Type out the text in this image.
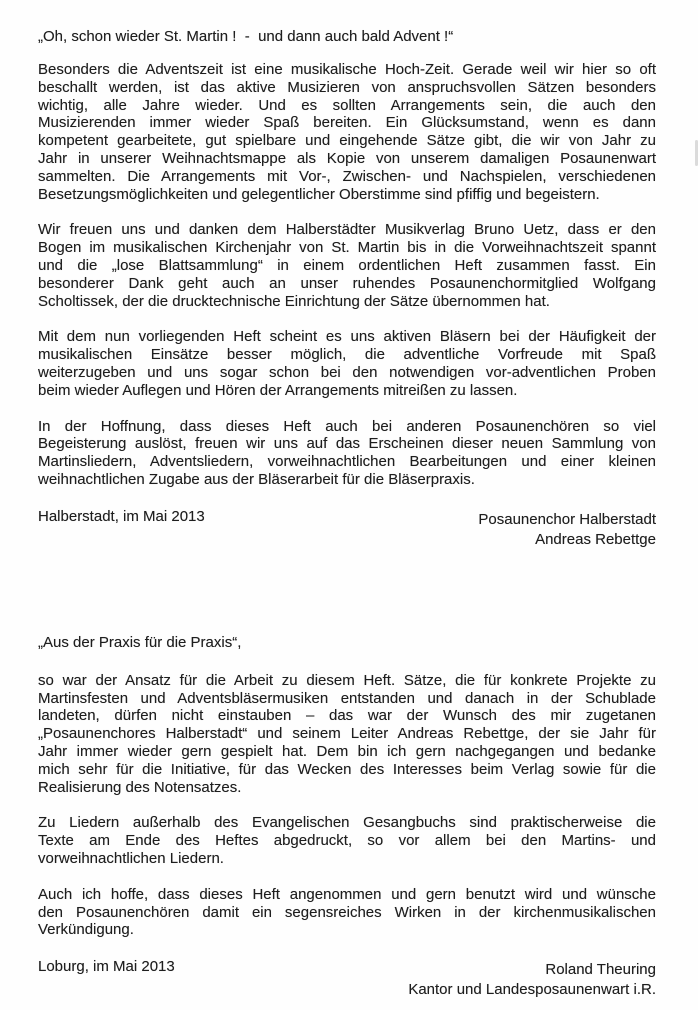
„Oh, schon wieder St. Martin !  -  und dann auch bald Advent !“

Besonders die Adventszeit ist eine musikalische Hoch-Zeit. Gerade weil wir hier so oft
beschallt werden, ist das aktive Musizieren von anspruchsvollen Sätzen besonders
wichtig, alle Jahre wieder. Und es sollten Arrangements sein, die auch den
Musizierenden immer wieder Spaß bereiten. Ein Glücksumstand, wenn es dann
kompetent gearbeitete, gut spielbare und eingehende Sätze gibt, die wir von Jahr zu
Jahr in unserer Weihnachtsmappe als Kopie von unserem damaligen Posaunenwart
sammelten. Die Arrangements mit Vor-, Zwischen- und Nachspielen, verschiedenen
Besetzungsmöglichkeiten und gelegentlicher Oberstimme sind pfiffig und begeistern.
Wir freuen uns und danken dem Halberstädter Musikverlag Bruno Uetz, dass er den
Bogen im musikalischen Kirchenjahr von St. Martin bis in die Vorweihnachtszeit spannt
und die „lose Blattsammlung“ in einem ordentlichen Heft zusammen fasst. Ein
besonderer Dank geht auch an unser ruhendes Posaunenchormitglied Wolfgang
Scholtissek, der die drucktechnische Einrichtung der Sätze übernommen hat.
Mit dem nun vorliegenden Heft scheint es uns aktiven Bläsern bei der Häufigkeit der
musikalischen Einsätze besser möglich, die adventliche Vorfreude mit Spaß
weiterzugeben und uns sogar schon bei den notwendigen vor-adventlichen Proben
beim wieder Auflegen und Hören der Arrangements mitreißen zu lassen.
In der Hoffnung, dass dieses Heft auch bei anderen Posaunenchören so viel
Begeisterung auslöst, freuen wir uns auf das Erscheinen dieser neuen Sammlung von
Martinsliedern, Adventsliedern, vorweihnachtlichen Bearbeitungen und einer kleinen
weihnachtlichen Zugabe aus der Bläserarbeit für die Bläserpraxis.
Halberstadt, im Mai 2013	Posaunenchor Halberstadt
Andreas Rebettge

„Aus der Praxis für die Praxis“,

so war der Ansatz für die Arbeit zu diesem Heft. Sätze, die für konkrete Projekte zu
Martinsfesten und Adventsbläsermusiken entstanden und danach in der Schublade
landeten, dürfen nicht einstauben – das war der Wunsch des mir zugetanen
„Posaunenchores Halberstadt“ und seinem Leiter Andreas Rebettge, der sie Jahr für
Jahr immer wieder gern gespielt hat. Dem bin ich gern nachgegangen und bedanke
mich sehr für die Initiative, für das Wecken des Interesses beim Verlag sowie für die
Realisierung des Notensatzes.
Zu Liedern außerhalb des Evangelischen Gesangbuchs sind praktischerweise die
Texte am Ende des Heftes abgedruckt, so vor allem bei den Martins- und
vorweihnachtlichen Liedern.
Auch ich hoffe, dass dieses Heft angenommen und gern benutzt wird und wünsche
den Posaunenchören damit ein segensreiches Wirken in der kirchenmusikalischen
Verkündigung.
Loburg, im Mai 2013	Roland Theuring
Kantor und Landesposaunenwart i.R.
